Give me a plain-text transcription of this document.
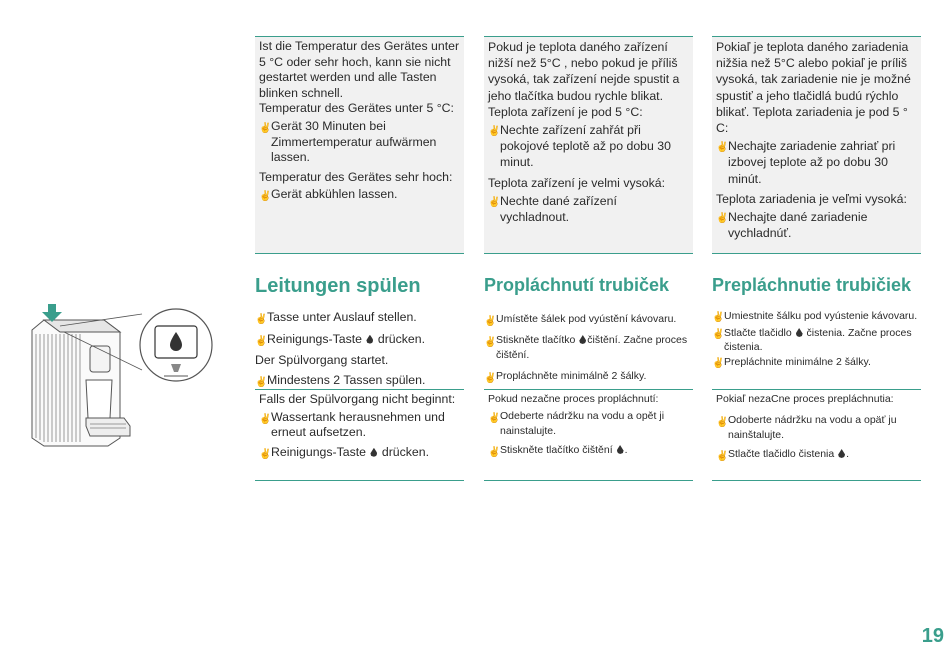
Ist die Temperatur des Gerätes unter 5 °C oder sehr hoch, kann sie nicht gestartet werden und alle Tasten blinken schnell.

Temperatur des Gerätes unter 5 °C:

✌ Gerät 30 Minuten bei Zimmertemperatur aufwärmen lassen.

Temperatur des Gerätes sehr hoch:

✌ Gerät abkühlen lassen.
Leitungen spülen
✌ Tasse unter Auslauf stellen.
✌ Reinigungs-Taste drücken.

Der Spülvorgang startet.

✌ Mindestens 2 Tassen spülen.

Falls der Spülvorgang nicht beginnt:

✌ Wassertank herausnehmen und erneut aufsetzen.
✌ Reinigungs-Taste drücken.

Pokud je teplota daného zařízení nižší než 5°C , nebo pokud je příliš vysoká, tak zařízení nejde spustit a jeho tlačítka budou rychle blikat.

Teplota zařízení je pod 5 °C:

✌ Nechte zařízení zahřát při pokojové teplotě až po dobu 30 minut.

Teplota zařízení je velmi vysoká:

✌ Nechte dané zařízení vychladnout.
Propláchnutí trubiček
✌ Umístěte šálek pod vyústění kávovaru.
✌ Stiskněte tlačítko čištění. Začne proces čištění.
✌ Propláchněte minimálně 2 šálky.

Pokud nezačne proces propláchnutí:

✌ Odeberte nádržku na vodu a opět ji nainstalujte.
✌ Stiskněte tlačítko čištění .

Pokiaľ je teplota daného zariadenia nižšia než 5°C alebo pokiaľ je príliš vysoká, tak zariadenie nie je možné spustiť a jeho tlačidlá budú rýchlo blikať. Teplota zariadenia je pod 5 ° C:

✌ Nechajte zariadenie zahriať pri izbovej teplote až po dobu 30 minút.

Teplota zariadenia je veľmi vysoká:

✌ Nechajte dané zariadenie vychladnúť.
Prepláchnutie trubičiek
✌ Umiestnite šálku pod vyústenie kávovaru.
✌ Stlačte tlačidlo čistenia. Začne proces čistenia.
✌ Prepláchnite minimálne 2 šálky.

Pokiaľ nezaCne proces prepláchnutia:

✌ Odoberte nádržku na vodu a opäť ju nainštalujte.
✌ Stlačte tlačidlo čistenia .
19
